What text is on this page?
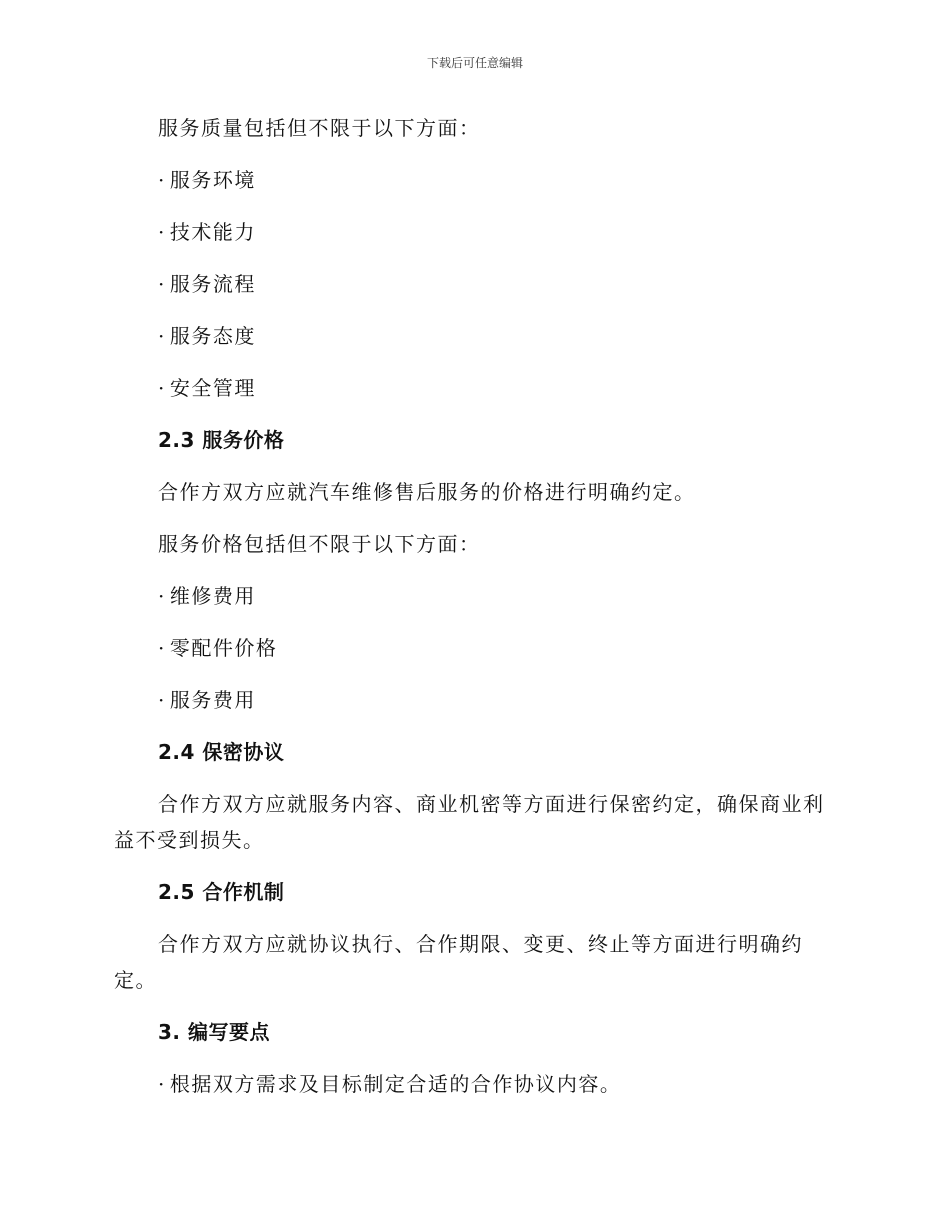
下载后可任意编辑

服务质量包括但不限于以下方面：

· 服务环境
· 技术能力
· 服务流程
· 服务态度
· 安全管理
2.3 服务价格

合作方双方应就汽车维修售后服务的价格进行明确约定。

服务价格包括但不限于以下方面：

· 维修费用
· 零配件价格
· 服务费用
2.4 保密协议

合作方双方应就服务内容、商业机密等方面进行保密约定，确保商业利益不受到损失。

2.5 合作机制

合作方双方应就协议执行、合作期限、变更、终止等方面进行明确约定。

3. 编写要点
· 根据双方需求及目标制定合适的合作协议内容。
